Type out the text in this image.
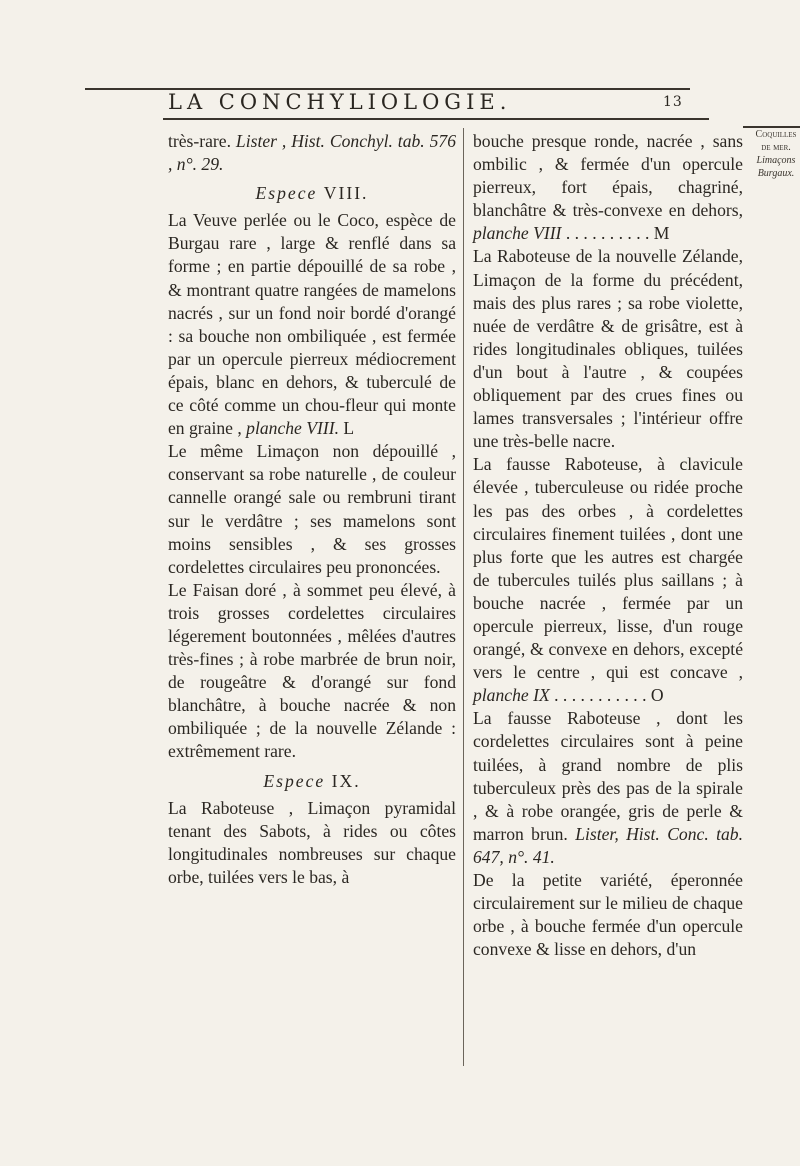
LA CONCHYLIOLOGIE.	13

très-rare. Lister , Hist. Conchyl. tab. 576 , n°. 29.

Espece VIII.

La Veuve perlée ou le Coco, espèce de Burgau rare , large & renflé dans sa forme ; en partie dépouillé de sa robe , & montrant quatre rangées de mamelons nacrés , sur un fond noir bordé d'orangé : sa bouche non ombiliquée , est fermée par un opercule pierreux médiocrement épais, blanc en dehors, & tuberculé de ce côté comme un chou-fleur qui monte en graine , planche VIII. L

Le même Limaçon non dépouillé , conservant sa robe naturelle , de couleur cannelle orangé sale ou rembruni tirant sur le verdâtre ; ses mamelons sont moins sensibles , & ses grosses cordelettes circulaires peu prononcées.

Le Faisan doré , à sommet peu élevé, à trois grosses cordelettes circulaires légerement boutonnées , mêlées d'autres très-fines ; à robe marbrée de brun noir, de rougeâtre & d'orangé sur fond blanchâtre, à bouche nacrée & non ombiliquée ; de la nouvelle Zélande : extrêmement rare.

Espece IX.

La Raboteuse , Limaçon pyramidal tenant des Sabots, à rides ou côtes longitudinales nombreuses sur chaque orbe, tuilées vers le bas, à

bouche presque ronde, nacrée , sans ombilic , & fermée d'un opercule pierreux, fort épais, chagriné, blanchâtre & très-convexe en dehors, planche VIII . . . . . . . . . . M

La Raboteuse de la nouvelle Zélande, Limaçon de la forme du précédent, mais des plus rares ; sa robe violette, nuée de verdâtre & de grisâtre, est à rides longitudinales obliques, tuilées d'un bout à l'autre , & coupées obliquement par des crues fines ou lames transversales ; l'intérieur offre une très-belle nacre.

La fausse Raboteuse, à clavicule élevée , tuberculeuse ou ridée proche les pas des orbes , à cordelettes circulaires finement tuilées , dont une plus forte que les autres est chargée de tubercules tuilés plus saillans ; à bouche nacrée , fermée par un opercule pierreux, lisse, d'un rouge orangé, & convexe en dehors, excepté vers le centre , qui est concave , planche IX . . . . . . . . . . . O

La fausse Raboteuse , dont les cordelettes circulaires sont à peine tuilées, à grand nombre de plis tuberculeux près des pas de la spirale , & à robe orangée, gris de perle & marron brun. Lister, Hist. Conc. tab. 647, n°. 41.

De la petite variété, éperonnée circulairement sur le milieu de chaque orbe , à bouche fermée d'un opercule convexe & lisse en dehors, d'un

Coquilles
de mer.
Limaçons
Burgaux.
